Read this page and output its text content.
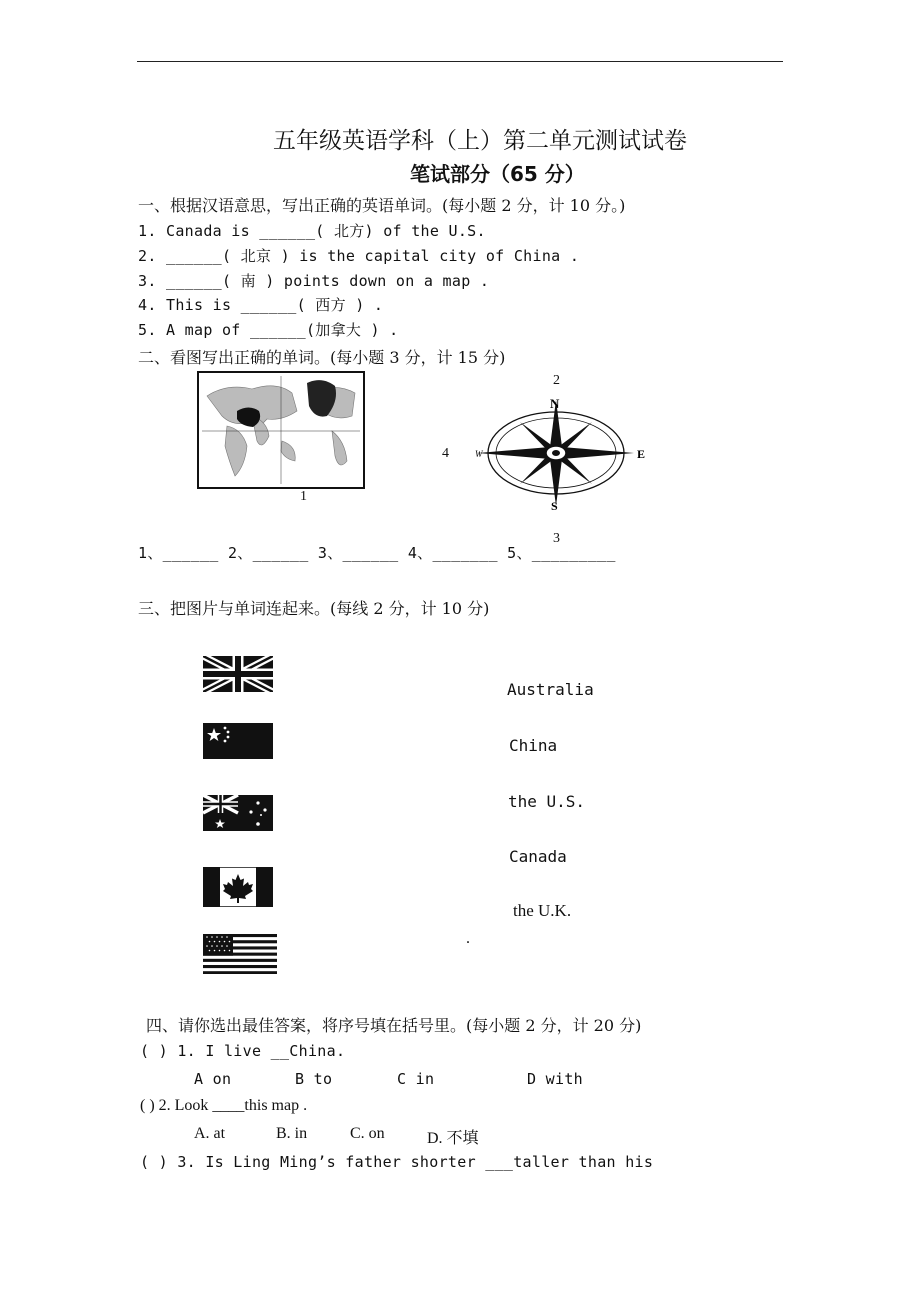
五年级英语学科（上）第二单元测试试卷
笔试部分（65 分）
一、根据汉语意思，写出正确的英语单词。(每小题 2 分，计 10 分。)
1. Canada is ______( 北方) of the U.S.
2. ______( 北京 ) is the capital city of China .
3. ______( 南 ) points down on a map .
4. This is ______( 西方 ) .
5. A map of ______(加拿大 ) .
二、看图写出正确的单词。(每小题 3 分，计 15 分)
1
N
S
E
W
2
4
3
1、______ 2、______ 3、______ 4、_______ 5、_________
三、把图片与单词连起来。(每线 2 分，计 10 分)
Australia
China
the U.S.
Canada
the U.K.
.
四、请你选出最佳答案，将序号填在括号里。(每小题 2 分，计 20 分)
( ) 1. I live __China.
A on	B to	C in	D with
( ) 2. Look ____this map .
A. at	B. in	C. on	D. 不填
( ) 3. Is Ling Ming’s father shorter ___taller than his
